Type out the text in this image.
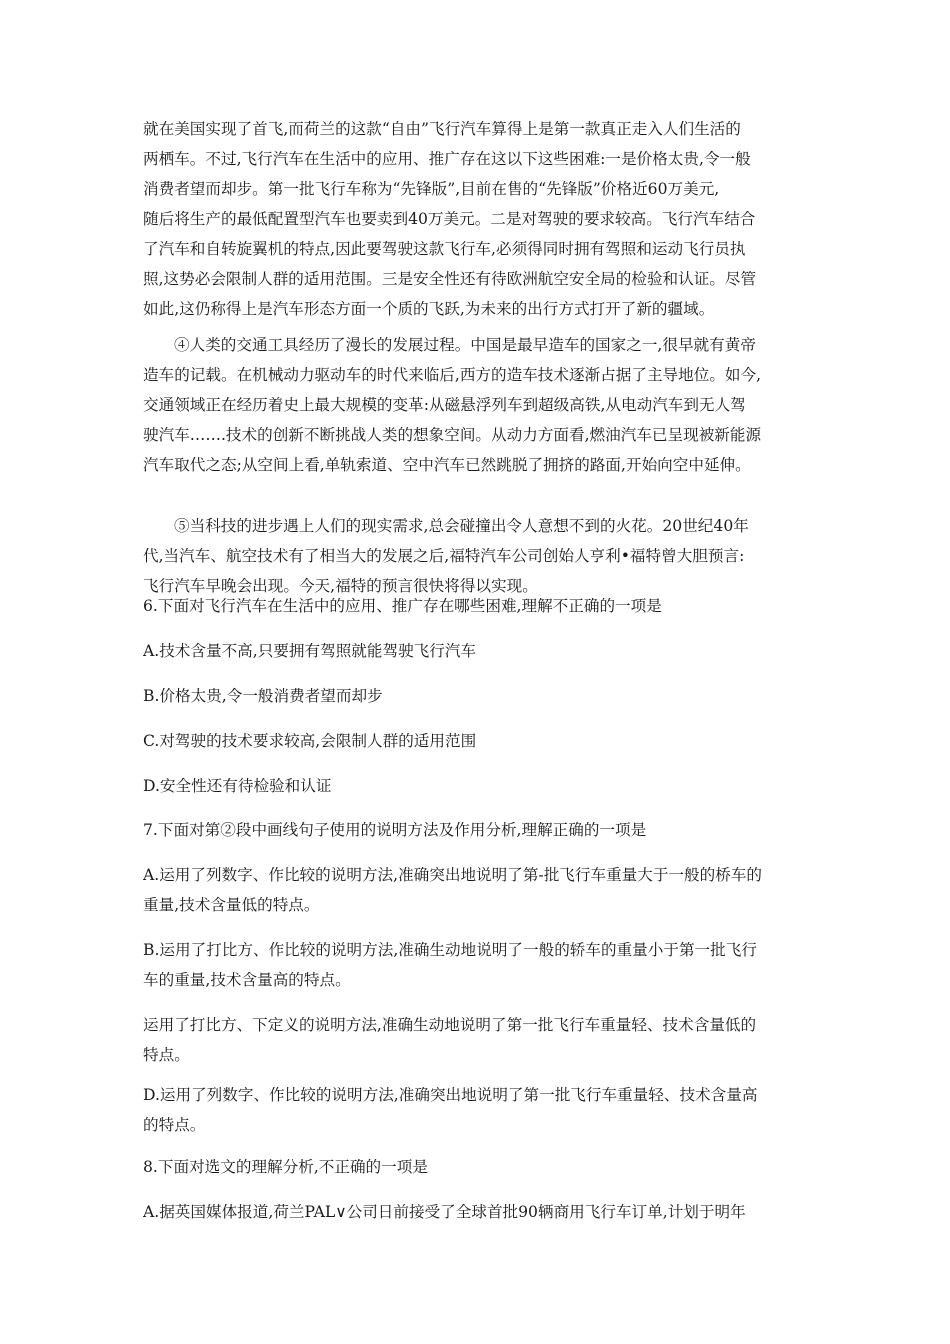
就在美国实现了首飞,而荷兰的这款“自由”飞行汽车算得上是第一款真正走入人们生活的
两栖车。不过,飞行汽车在生活中的应用、推广存在这以下这些困难:一是价格太贵,令一般
消费者望而却步。第一批飞行车称为“先锋版”,目前在售的“先锋版”价格近60万美元,
随后将生产的最低配置型汽车也要卖到40万美元。二是对驾驶的要求较高。飞行汽车结合
了汽车和自转旋翼机的特点,因此要驾驶这款飞行车,必须得同时拥有驾照和运动飞行员执
照,这势必会限制人群的适用范围。三是安全性还有待欧洲航空安全局的检验和认证。尽管
如此,这仍称得上是汽车形态方面一个质的飞跃,为未来的出行方式打开了新的疆域。
④人类的交通工具经历了漫长的发展过程。中国是最早造车的国家之一,很早就有黄帝
造车的记载。在机械动力驱动车的时代来临后,西方的造车技术逐渐占据了主导地位。如今,
交通领域正在经历着史上最大规模的变革:从磁悬浮列车到超级高铁,从电动汽车到无人驾
驶汽车…….技术的创新不断挑战人类的想象空间。从动力方面看,燃油汽车已呈现被新能源
汽车取代之态;从空间上看,单轨索道、空中汽车已然跳脱了拥挤的路面,开始向空中延伸。
⑤当科技的进步遇上人们的现实需求,总会碰撞出令人意想不到的火花。20世纪40年
代,当汽车、航空技术有了相当大的发展之后,福特汽车公司创始人亨利•福特曾大胆预言:
飞行汽车早晚会出现。今天,福特的预言很快将得以实现。
6.下面对飞行汽车在生活中的应用、推广存在哪些困难,理解不正确的一项是
A.技术含量不高,只要拥有驾照就能驾驶飞行汽车
B.价格太贵,令一般消费者望而却步
C.对驾驶的技术要求较高,会限制人群的适用范围
D.安全性还有待检验和认证
7.下面对第②段中画线句子使用的说明方法及作用分析,理解正确的一项是
A.运用了列数字、作比较的说明方法,准确突出地说明了第-批飞行车重量大于一般的桥车的
重量,技术含量低的特点。
B.运用了打比方、作比较的说明方法,准确生动地说明了一般的轿车的重量小于第一批飞行
车的重量,技术含量高的特点。
运用了打比方、下定义的说明方法,准确生动地说明了第一批飞行车重量轻、技术含量低的
特点。
D.运用了列数字、作比较的说明方法,准确突出地说明了第一批飞行车重量轻、技术含量高
的特点。
8.下面对选文的理解分析,不正确的一项是
A.据英国媒体报道,荷兰PAL∨公司日前接受了全球首批90辆商用飞行车订单,计划于明年
